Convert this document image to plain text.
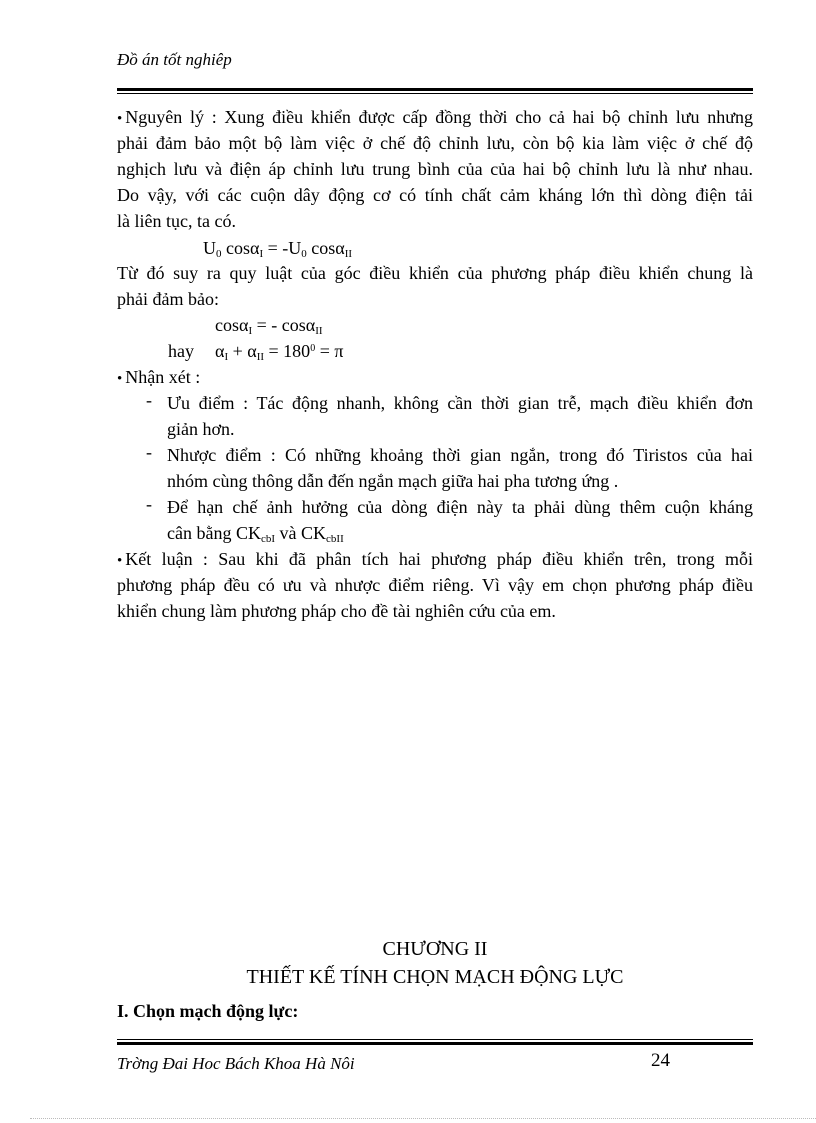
Đồ án tốt nghiêp
• Nguyên lý : Xung điều khiển được cấp đồng thời cho cả hai bộ chỉnh lưu nhưng
phải đảm bảo một bộ làm việc ở chế độ chỉnh lưu, còn bộ kia làm việc ở chế độ
nghịch lưu và điện áp chỉnh lưu trung bình của của hai bộ chỉnh lưu là như nhau.
Do vậy, với các cuộn dây động cơ có tính chất cảm kháng lớn thì dòng điện tải
là liên tục, ta có.
$U_0$ $\cos\alpha_I = -U_0$ cosα$_{II}$
Từ đó suy ra quy luật của góc điều khiển của phương pháp điều khiển chung là
phải đảm bảo:
cosα$_I$ = - cosα$_{II}$
hay $\alpha_I + \alpha_{II} = 180^0 = \pi$
• Nhận xét :
- Ưu điểm : Tác động nhanh, không cần thời gian trễ, mạch điều khiển đơn
giản hơn.
- Nhược điểm : Có những khoảng thời gian ngắn, trong đó Tiristos của hai
nhóm cùng thông dẫn đến ngắn mạch giữa hai pha tương ứng .
- Để hạn chế ảnh hưởng của dòng điện này ta phải dùng thêm cuộn kháng
cân bằng $CK_{cbI}$ và $CK_{cbII}$
• Kết luận : Sau khi đã phân tích hai phương pháp điều khiển trên, trong mỗi
phương pháp đều có ưu và nhược điểm riêng. Vì vậy em chọn phương pháp điều
khiển chung làm phương pháp cho đề tài nghiên cứu của em.
CHƯƠNG II
THIẾT KẾ TÍNH CHỌN MẠCH ĐỘNG LỰC
I. Chọn mạch động lực:
Trờng Đai Hoc Bách Khoa Hà Nôi	24
